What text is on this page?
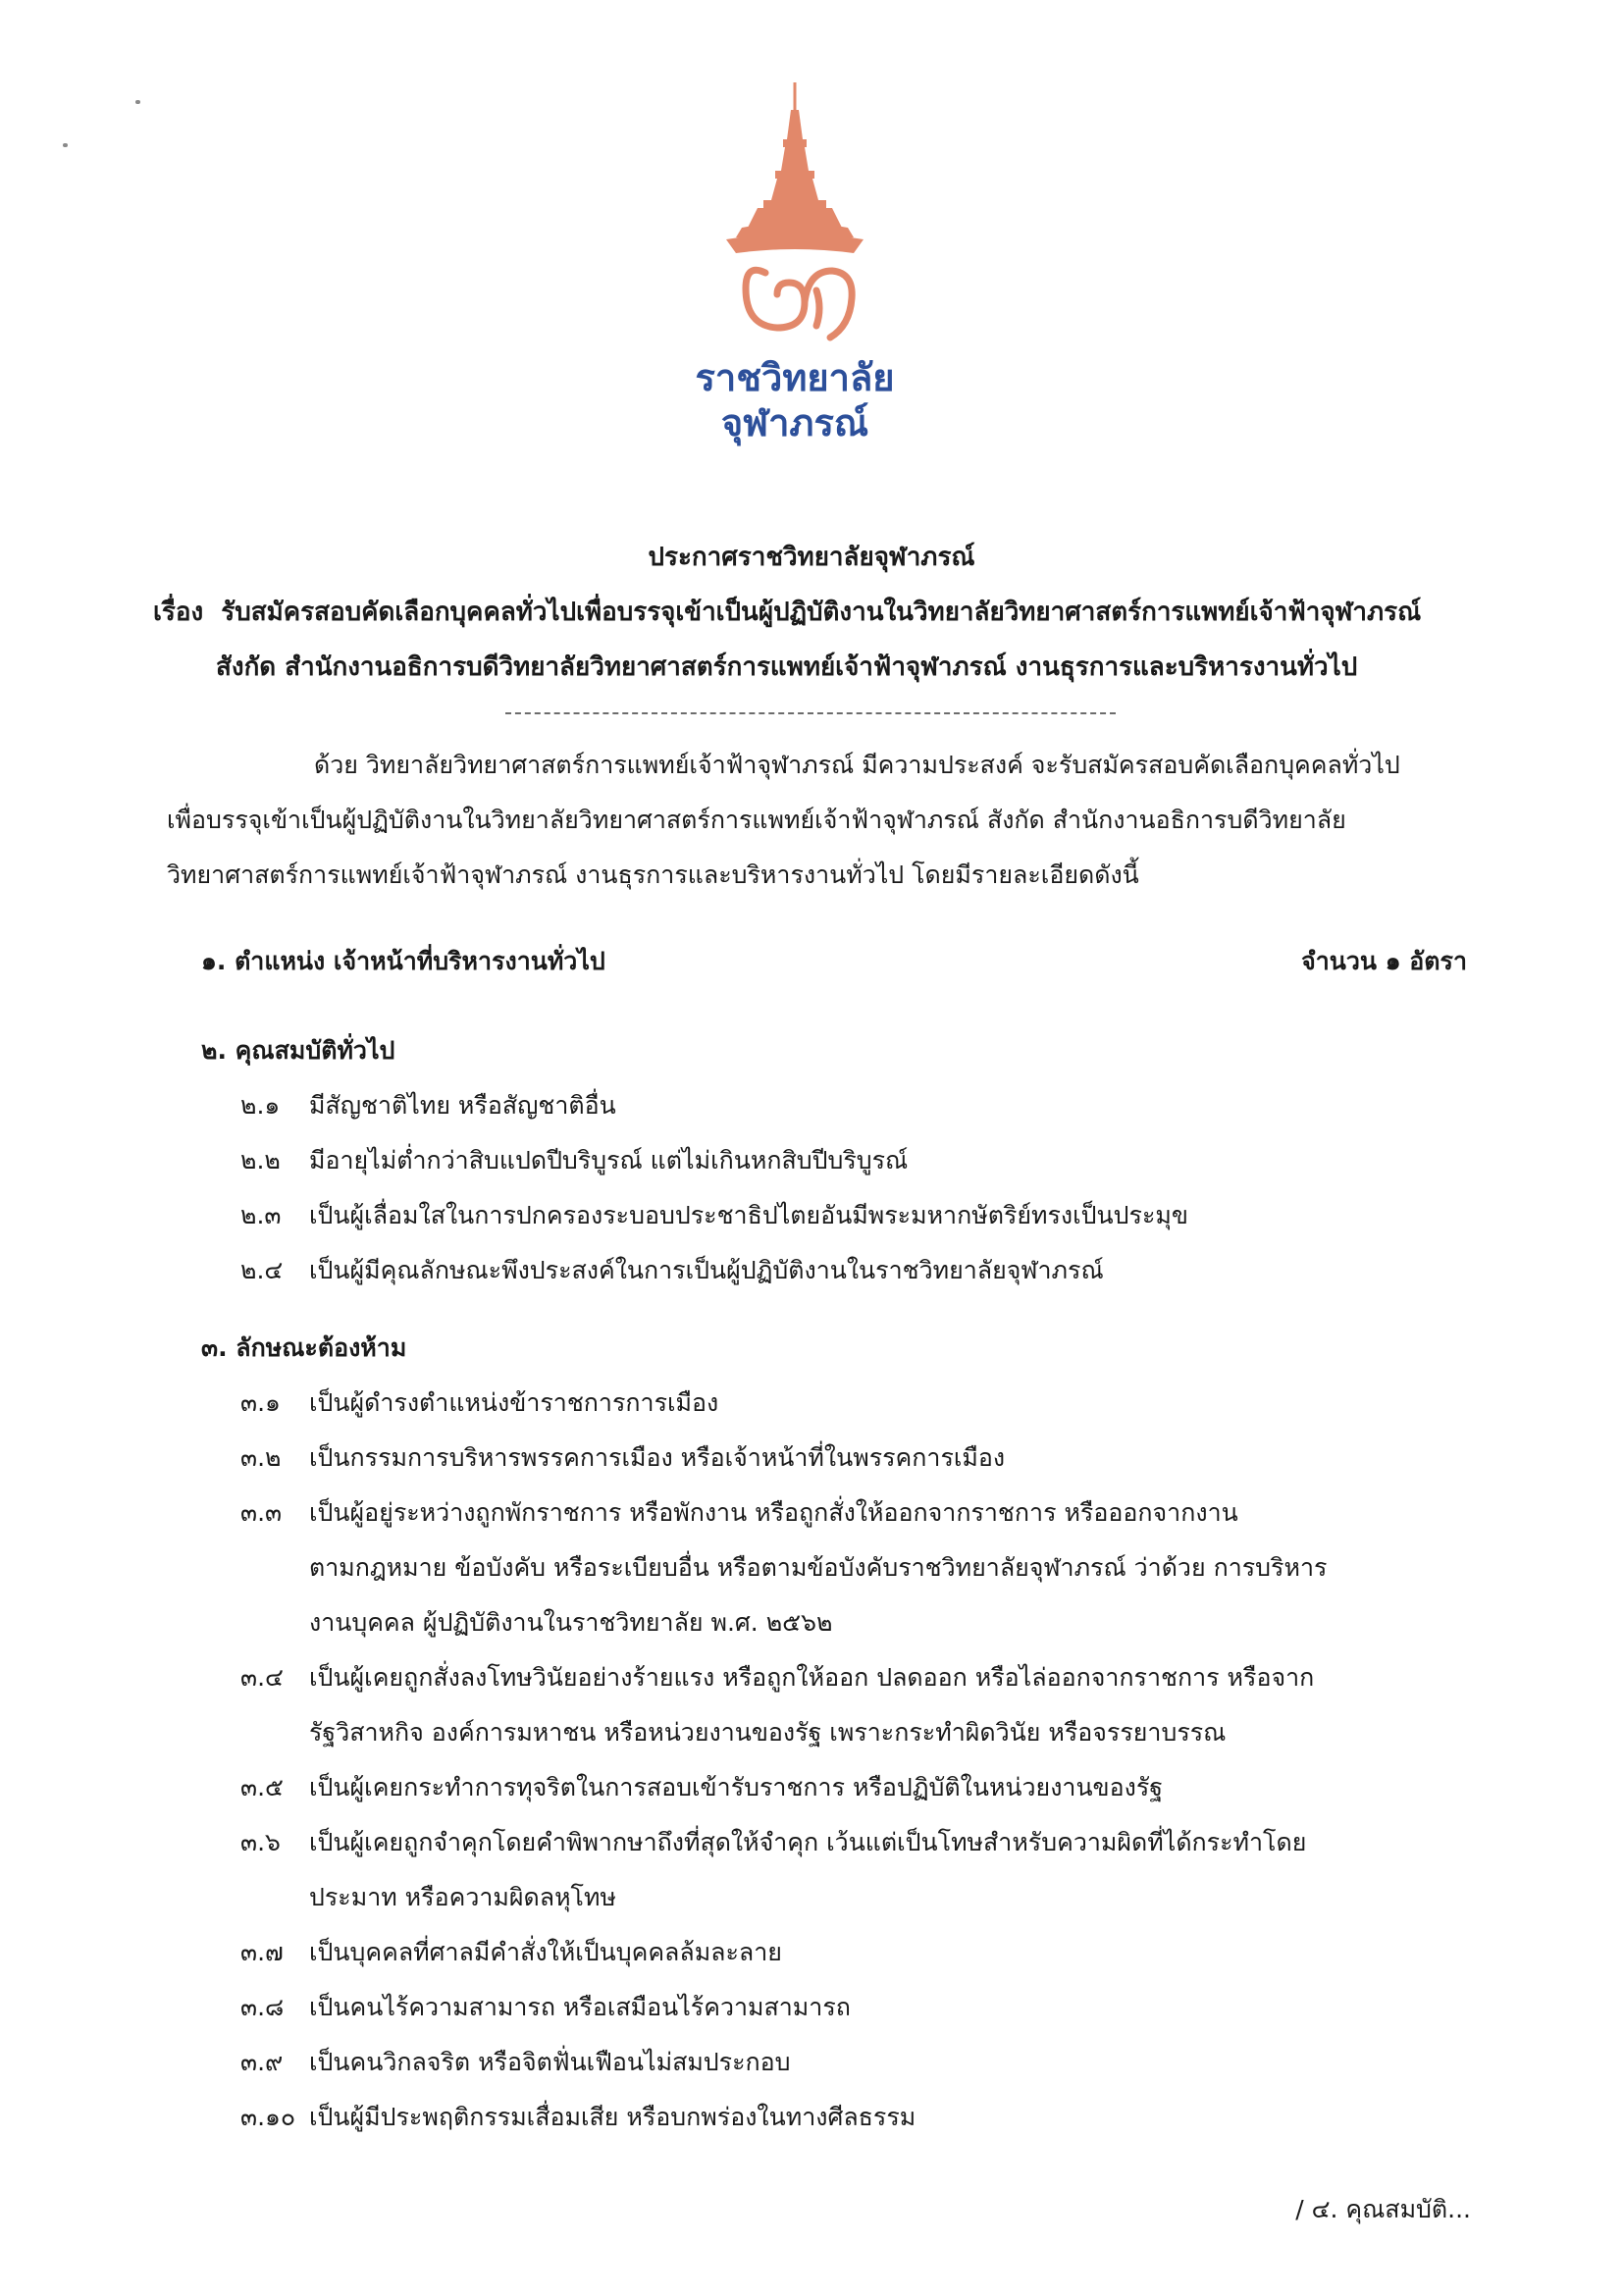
ราชวิทยาลัย
จุฬาภรณ์
ประกาศราชวิทยาลัยจุฬาภรณ์
เรื่อง รับสมัครสอบคัดเลือกบุคคลทั่วไปเพื่อบรรจุเข้าเป็นผู้ปฏิบัติงานในวิทยาลัยวิทยาศาสตร์การแพทย์เจ้าฟ้าจุฬาภรณ์
สังกัด สำนักงานอธิการบดีวิทยาลัยวิทยาศาสตร์การแพทย์เจ้าฟ้าจุฬาภรณ์ งานธุรการและบริหารงานทั่วไป
ด้วย วิทยาลัยวิทยาศาสตร์การแพทย์เจ้าฟ้าจุฬาภรณ์ มีความประสงค์ จะรับสมัครสอบคัดเลือกบุคคลทั่วไป
เพื่อบรรจุเข้าเป็นผู้ปฏิบัติงานในวิทยาลัยวิทยาศาสตร์การแพทย์เจ้าฟ้าจุฬาภรณ์ สังกัด สำนักงานอธิการบดีวิทยาลัย
วิทยาศาสตร์การแพทย์เจ้าฟ้าจุฬาภรณ์ งานธุรการและบริหารงานทั่วไป โดยมีรายละเอียดดังนี้
๑. ตำแหน่ง เจ้าหน้าที่บริหารงานทั่วไป	จำนวน ๑ อัตรา
๒. คุณสมบัติทั่วไป
๒.๑ มีสัญชาติไทย หรือสัญชาติอื่น
๒.๒ มีอายุไม่ต่ำกว่าสิบแปดปีบริบูรณ์ แต่ไม่เกินหกสิบปีบริบูรณ์
๒.๓ เป็นผู้เลื่อมใสในการปกครองระบอบประชาธิปไตยอันมีพระมหากษัตริย์ทรงเป็นประมุข
๒.๔ เป็นผู้มีคุณลักษณะพึงประสงค์ในการเป็นผู้ปฏิบัติงานในราชวิทยาลัยจุฬาภรณ์
๓. ลักษณะต้องห้าม
๓.๑ เป็นผู้ดำรงตำแหน่งข้าราชการการเมือง
๓.๒ เป็นกรรมการบริหารพรรคการเมือง หรือเจ้าหน้าที่ในพรรคการเมือง
๓.๓ เป็นผู้อยู่ระหว่างถูกพักราชการ หรือพักงาน หรือถูกสั่งให้ออกจากราชการ หรือออกจากงาน
ตามกฎหมาย ข้อบังคับ หรือระเบียบอื่น หรือตามข้อบังคับราชวิทยาลัยจุฬาภรณ์ ว่าด้วย การบริหาร
งานบุคคล ผู้ปฏิบัติงานในราชวิทยาลัย พ.ศ. ๒๕๖๒
๓.๔ เป็นผู้เคยถูกสั่งลงโทษวินัยอย่างร้ายแรง หรือถูกให้ออก ปลดออก หรือไล่ออกจากราชการ หรือจาก
รัฐวิสาหกิจ องค์การมหาชน หรือหน่วยงานของรัฐ เพราะกระทำผิดวินัย หรือจรรยาบรรณ
๓.๕ เป็นผู้เคยกระทำการทุจริตในการสอบเข้ารับราชการ หรือปฏิบัติในหน่วยงานของรัฐ
๓.๖ เป็นผู้เคยถูกจำคุกโดยคำพิพากษาถึงที่สุดให้จำคุก เว้นแต่เป็นโทษสำหรับความผิดที่ได้กระทำโดย
ประมาท หรือความผิดลหุโทษ
๓.๗ เป็นบุคคลที่ศาลมีคำสั่งให้เป็นบุคคลล้มละลาย
๓.๘ เป็นคนไร้ความสามารถ หรือเสมือนไร้ความสามารถ
๓.๙ เป็นคนวิกลจริต หรือจิตฟั่นเฟือนไม่สมประกอบ
๓.๑๐ เป็นผู้มีประพฤติกรรมเสื่อมเสีย หรือบกพร่องในทางศีลธรรม
/ ๔. คุณสมบัติ...
